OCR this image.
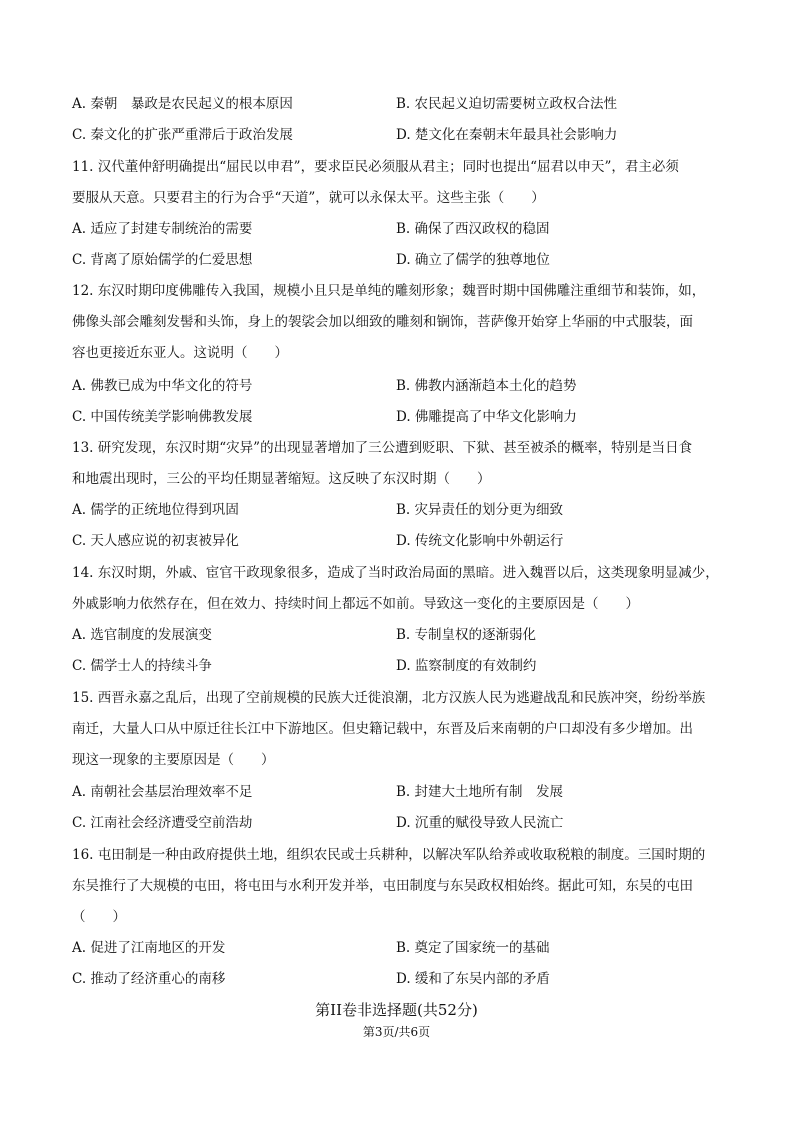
A. 秦朝　暴政是农民起义的根本原因	B. 农民起义迫切需要树立政权合法性
C. 秦文化的扩张严重滞后于政治发展	D. 楚文化在秦朝末年最具社会影响力
11. 汉代董仲舒明确提出“屈民以申君”，要求臣民必须服从君主；同时也提出“屈君以申天”，君主必须
要服从天意。只要君主的行为合乎“天道”，就可以永保太平。这些主张（　　）
A. 适应了封建专制统治的需要	B. 确保了西汉政权的稳固
C. 背离了原始儒学的仁爱思想	D. 确立了儒学的独尊地位
12. 东汉时期印度佛雕传入我国，规模小且只是单纯的雕刻形象；魏晋时期中国佛雕注重细节和装饰，如，
佛像头部会雕刻发髻和头饰，身上的袈裟会加以细致的雕刻和锎饰，菩萨像开始穿上华丽的中式服装，面
容也更接近东亚人。这说明（　　）
A. 佛教已成为中华文化的符号	B. 佛教内涵渐趋本土化的趋势
C. 中国传统美学影响佛教发展	D. 佛雕提高了中华文化影响力
13. 研究发现，东汉时期“灾异”的出现显著增加了三公遭到贬职、下狱、甚至被杀的概率，特别是当日食
和地震出现时，三公的平均任期显著缩短。这反映了东汉时期（　　）
A. 儒学的正统地位得到巩固	B. 灾异责任的划分更为细致
C. 天人感应说的初衷被异化	D. 传统文化影响中外朝运行
14. 东汉时期，外戚、宦官干政现象很多，造成了当时政治局面的黑暗。进入魏晋以后，这类现象明显减少，
外戚影响力依然存在，但在效力、持续时间上都远不如前。导致这一变化的主要原因是（　　）
A. 选官制度的发展演变	B. 专制皇权的逐渐弱化
C. 儒学士人的持续斗争	D. 监察制度的有效制约
15. 西晋永嘉之乱后，出现了空前规模的民族大迁徙浪潮，北方汉族人民为逃避战乱和民族冲突，纷纷举族
南迁，大量人口从中原迁往长江中下游地区。但史籍记载中，东晋及后来南朝的户口却没有多少增加。出
现这一现象的主要原因是（　　）
A. 南朝社会基层治理效率不足	B. 封建大土地所有制　发展
C. 江南社会经济遭受空前浩劫	D. 沉重的赋役导致人民流亡
16. 屯田制是一种由政府提供土地，组织农民或士兵耕种，以解决军队给养或收取税粮的制度。三国时期的
东吴推行了大规模的屯田，将屯田与水利开发并举，屯田制度与东吴政权相始终。据此可知，东吴的屯田
（　　）
A. 促进了江南地区的开发	B. 奠定了国家统一的基础
C. 推动了经济重心的南移	D. 缓和了东吴内部的矛盾
第II卷非选择题(共52分)
第3页/共6页
